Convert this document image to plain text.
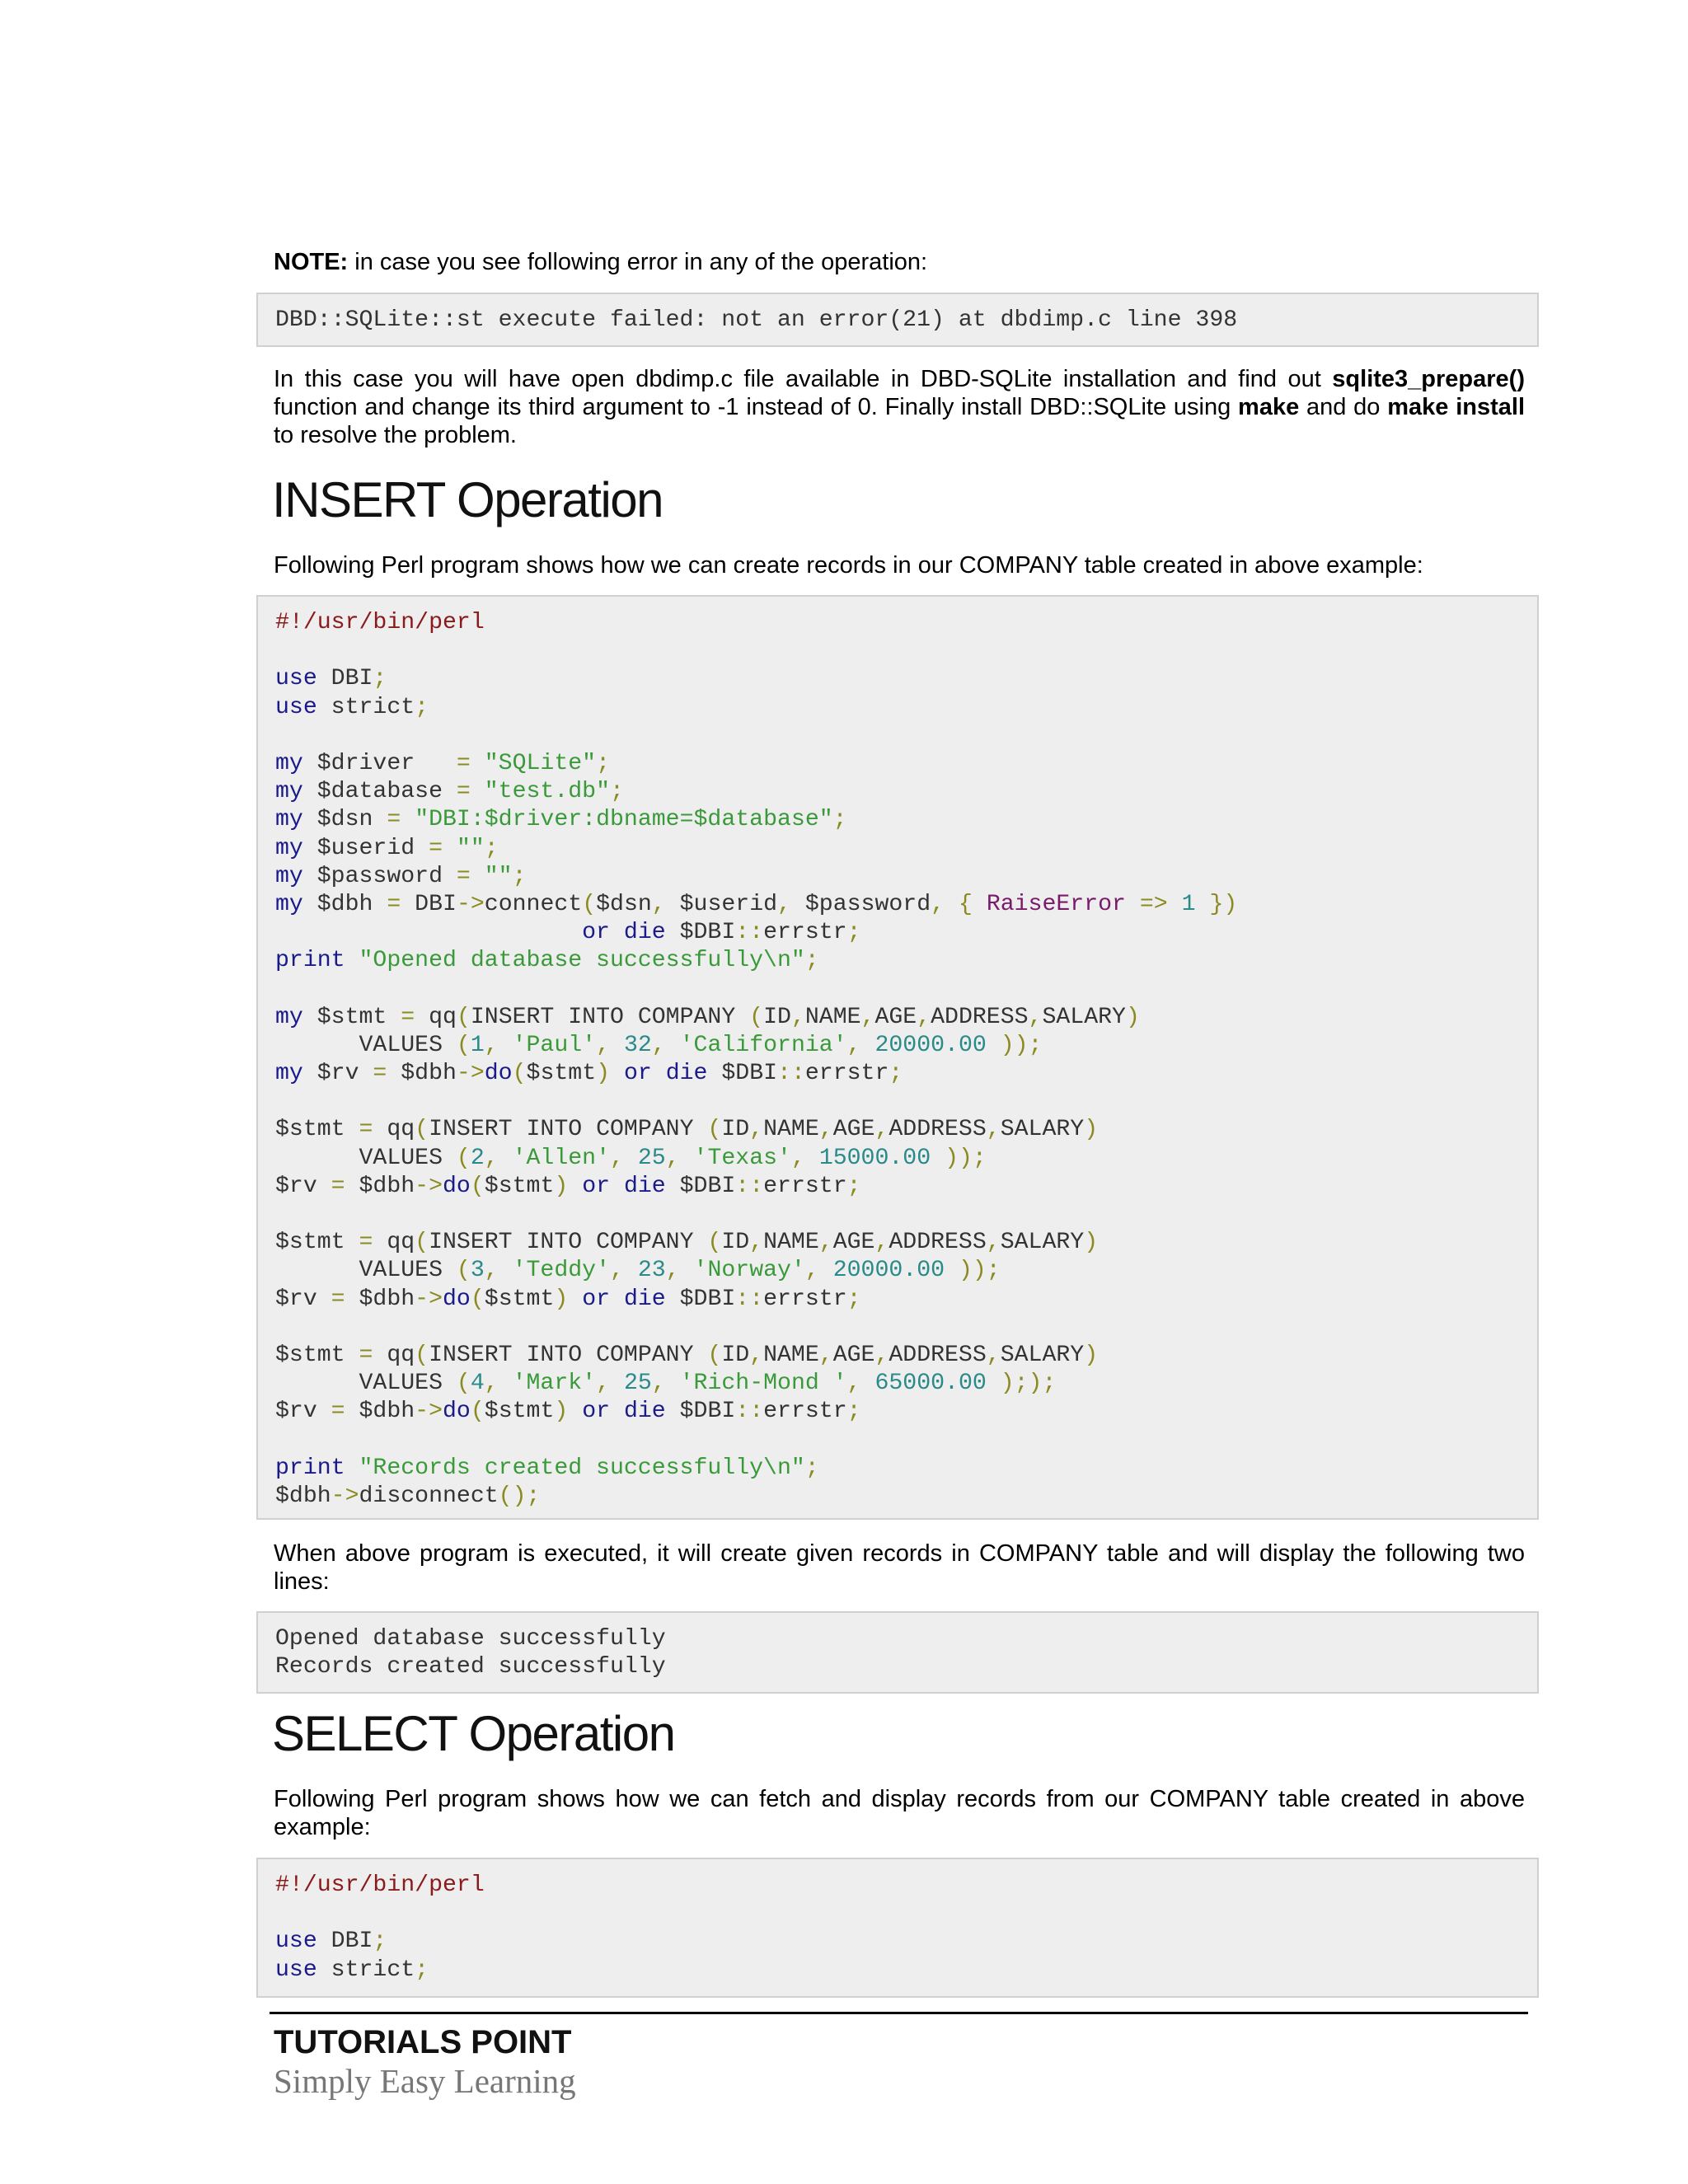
NOTE: in case you see following error in any of the operation:

DBD::SQLite::st execute failed: not an error(21) at dbdimp.c line 398

In this case you will have open dbdimp.c file available in DBD-SQLite installation and find out sqlite3_prepare() function and change its third argument to -1 instead of 0. Finally install DBD::SQLite using make and do make install to resolve the problem.

INSERT Operation

Following Perl program shows how we can create records in our COMPANY table created in above example:

#!/usr/bin/perl
use DBI;
use strict;
my $driver   = "SQLite";
my $database = "test.db";
my $dsn = "DBI:$driver:dbname=$database";
my $userid = "";
my $password = "";
my $dbh = DBI->connect($dsn, $userid, $password, { RaiseError => 1 })
or die $DBI::errstr;
print "Opened database successfully\n";
my $stmt = qq(INSERT INTO COMPANY (ID,NAME,AGE,ADDRESS,SALARY)
VALUES (1, 'Paul', 32, 'California', 20000.00 ));
my $rv = $dbh->do($stmt) or die $DBI::errstr;
$stmt = qq(INSERT INTO COMPANY (ID,NAME,AGE,ADDRESS,SALARY)
VALUES (2, 'Allen', 25, 'Texas', 15000.00 ));
$rv = $dbh->do($stmt) or die $DBI::errstr;
$stmt = qq(INSERT INTO COMPANY (ID,NAME,AGE,ADDRESS,SALARY)
VALUES (3, 'Teddy', 23, 'Norway', 20000.00 ));
$rv = $dbh->do($stmt) or die $DBI::errstr;
$stmt = qq(INSERT INTO COMPANY (ID,NAME,AGE,ADDRESS,SALARY)
VALUES (4, 'Mark', 25, 'Rich-Mond ', 65000.00 ););
$rv = $dbh->do($stmt) or die $DBI::errstr;
print "Records created successfully\n";
$dbh->disconnect();

When above program is executed, it will create given records in COMPANY table and will display the following two lines:

Opened database successfully
Records created successfully
SELECT Operation

Following Perl program shows how we can fetch and display records from our COMPANY table created in above example:

#!/usr/bin/perl
use DBI;
use strict;

TUTORIALS POINT

Simply Easy Learning
